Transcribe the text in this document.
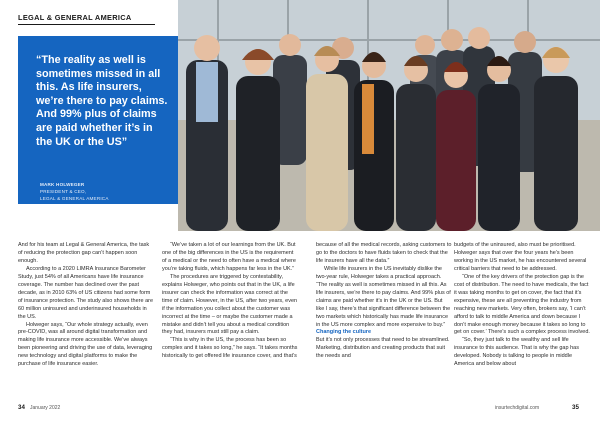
LEGAL & GENERAL AMERICA
“The reality as well is sometimes missed in all this. As life insurers, we’re there to pay claims. And 99% plus of claims are paid whether it’s in the UK or the US”
MARK HOLWEGER
PRESIDENT & CEO,
LEGAL & GENERAL AMERICA

And for his team at Legal & General America, the task of reducing the protection gap can’t happen soon enough.

According to a 2020 LIMRA Insurance Barometer Study, just 54% of all Americans have life insurance coverage. The number has declined over the past decade, as in 2010 63% of US citizens had some form of insurance protection. The study also shows there are 60 million uninsured and underinsured households in the US.

Holweger says, “Our whole strategy actually, even pre-COVID, was all around digital transformation and making life insurance more accessible. We’ve always been pioneering and driving the use of data, leveraging new technology and digital platforms to make the purchase of life insurance easier.

“We’ve taken a lot of our learnings from the UK. But one of the big differences in the US is the requirement of a medical or the need to often have a medical where you’re taking fluids, which happens far less in the UK.”

The procedures are triggered by contestability, explains Holweger, who points out that in the UK, a life insurer can check the information was correct at the time of claim. However, in the US, after two years, even if the information you collect about the customer was incorrect at the time – or maybe the customer made a mistake and didn’t tell you about a medical condition they had, insurers must still pay a claim.

“This is why in the US, the process has been so complex and it takes so long,” he says. “It takes months historically to get offered life insurance cover, and that’s

because of all the medical records, asking customers to go to the doctors to have fluids taken to check that the life insurers have all the data.”

While life insurers in the US inevitably dislike the two-year rule, Holweger takes a practical approach. “The reality as well is sometimes missed in all this. As life insurers, we’re there to pay claims. And 99% plus of claims are paid whether it’s in the UK or the US. But like I say, there’s that significant difference between the two markets which historically has made life insurance in the US more complex and more expensive to buy.”

Changing the culture

But it’s not only processes that need to be streamlined. Marketing, distribution and creating products that suit the needs and

budgets of the uninsured, also must be prioritised. Holweger says that over the four years he’s been working in the US market, he has encountered several critical barriers that need to be addressed.

“One of the key drivers of the protection gap is the cost of distribution. The need to have medicals, the fact it was taking months to get on cover, the fact that it’s expensive, these are all preventing the industry from reaching new markets. Very often, brokers say, ‘I can’t afford to talk to middle America and down because I don’t make enough money because it takes so long to get on cover.’ There’s such a complex process involved.

“So, they just talk to the wealthy and sell life insurance to this audience. That is why the gap has developed. Nobody is talking to people in middle America and below about

34 January 2022	insurtechdigital.com	35
